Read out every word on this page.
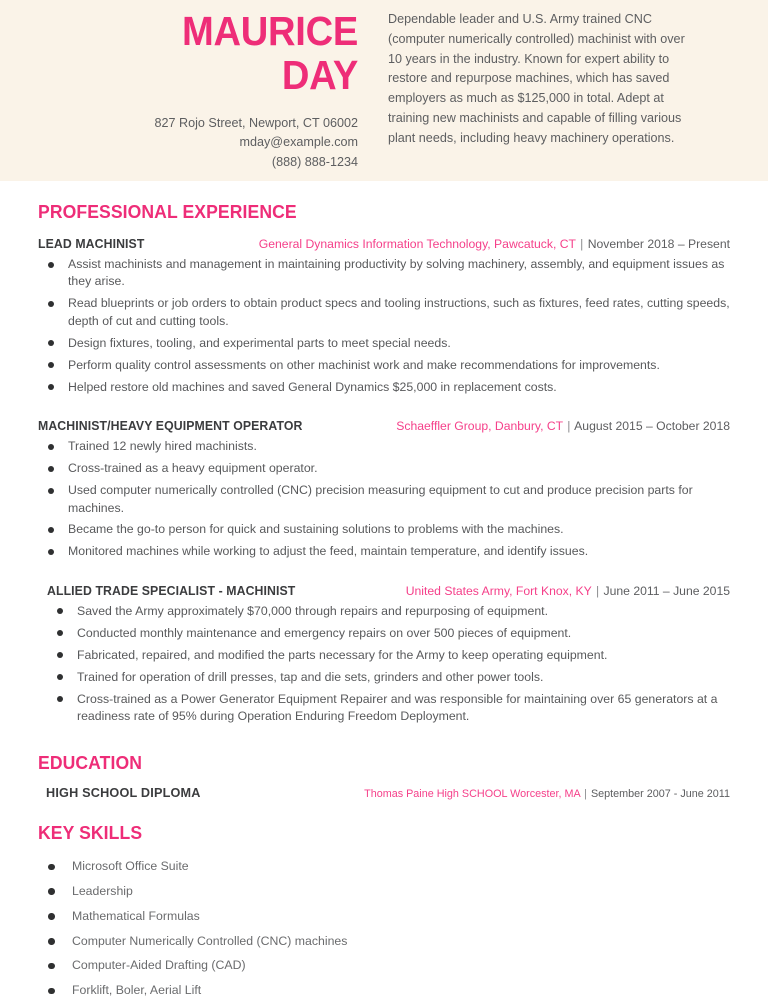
MAURICE
DAY
827 Rojo Street, Newport, CT 06002
mday@example.com
(888) 888-1234

Dependable leader and U.S. Army trained CNC (computer numerically controlled) machinist with over 10 years in the industry. Known for expert ability to restore and repurpose machines, which has saved employers as much as $125,000 in total. Adept at training new machinists and capable of filling various plant needs, including heavy machinery operations.

PROFESSIONAL EXPERIENCE
LEAD MACHINIST	General Dynamics Information Technology, Pawcatuck, CT | November 2018 – Present
Assist machinists and management in maintaining productivity by solving machinery, assembly, and equipment issues as they arise.
Read blueprints or job orders to obtain product specs and tooling instructions, such as fixtures, feed rates, cutting speeds, depth of cut and cutting tools.
Design fixtures, tooling, and experimental parts to meet special needs.
Perform quality control assessments on other machinist work and make recommendations for improvements.
Helped restore old machines and saved General Dynamics $25,000 in replacement costs.
MACHINIST/HEAVY EQUIPMENT OPERATOR	Schaeffler Group, Danbury, CT | August 2015 – October 2018
Trained 12 newly hired machinists.
Cross-trained as a heavy equipment operator.
Used computer numerically controlled (CNC) precision measuring equipment to cut and produce precision parts for machines.
Became the go-to person for quick and sustaining solutions to problems with the machines.
Monitored machines while working to adjust the feed, maintain temperature, and identify issues.
ALLIED TRADE SPECIALIST - MACHINIST	United States Army, Fort Knox, KY | June 2011 – June 2015
Saved the Army approximately $70,000 through repairs and repurposing of equipment.
Conducted monthly maintenance and emergency repairs on over 500 pieces of equipment.
Fabricated, repaired, and modified the parts necessary for the Army to keep operating equipment.
Trained for operation of drill presses, tap and die sets, grinders and other power tools.
Cross-trained as a Power Generator Equipment Repairer and was responsible for maintaining over 65 generators at a readiness rate of 95% during Operation Enduring Freedom Deployment.
EDUCATION
HIGH SCHOOL DIPLOMA	Thomas Paine High SCHOOL Worcester, MA | September 2007 - June 2011
KEY SKILLS
Microsoft Office Suite
Leadership
Mathematical Formulas
Computer Numerically Controlled (CNC) machines
Computer-Aided Drafting (CAD)
Forklift, Boler, Aerial Lift
